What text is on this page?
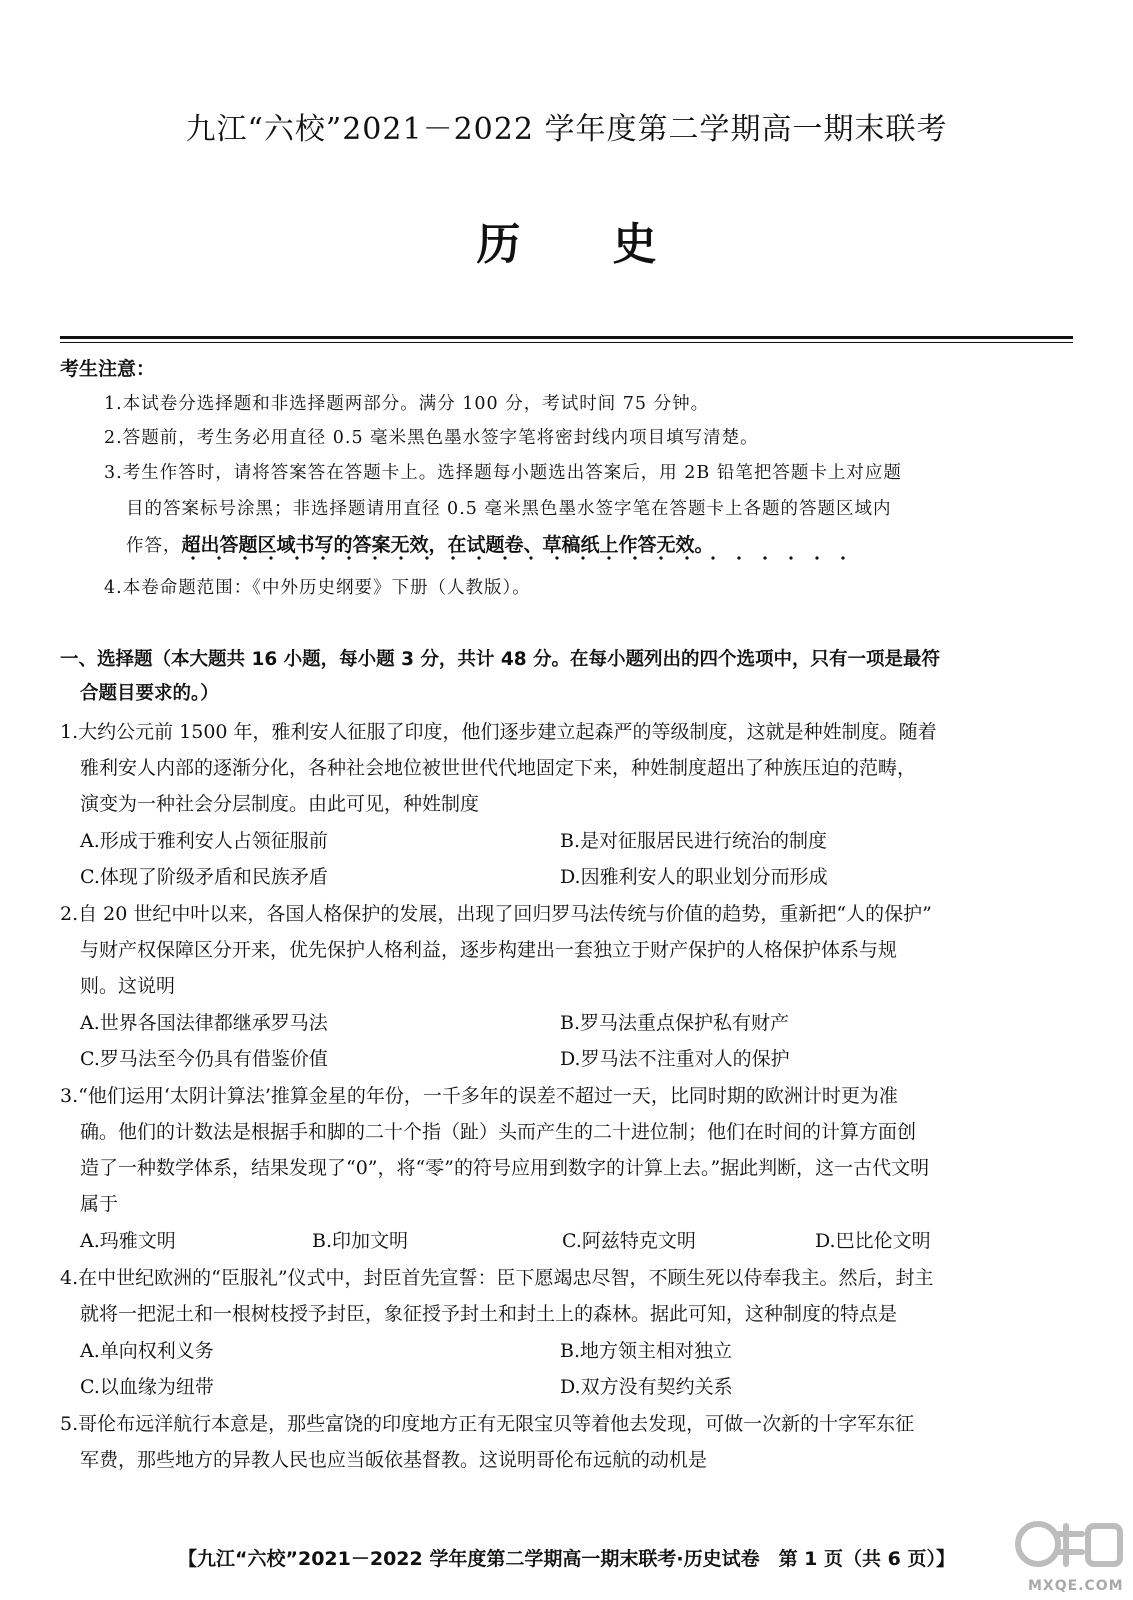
九江“六校”2021－2022 学年度第二学期高一期末联考
历 史
考生注意：
1.本试卷分选择题和非选择题两部分。满分 100 分，考试时间 75 分钟。
2.答题前，考生务必用直径 0.5 毫米黑色墨水签字笔将密封线内项目填写清楚。
3.考生作答时，请将答案答在答题卡上。选择题每小题选出答案后，用 2B 铅笔把答题卡上对应题
目的答案标号涂黑；非选择题请用直径 0.5 毫米黑色墨水签字笔在答题卡上各题的答题区域内
作答，超出答题区域书写的答案无效，在试题卷、草稿纸上作答无效。
4.本卷命题范围：《中外历史纲要》下册（人教版）。
一、选择题（本大题共 16 小题，每小题 3 分，共计 48 分。在每小题列出的四个选项中，只有一项是最符
合题目要求的。）
1.大约公元前 1500 年，雅利安人征服了印度，他们逐步建立起森严的等级制度，这就是种姓制度。随着
雅利安人内部的逐渐分化，各种社会地位被世世代代地固定下来，种姓制度超出了种族压迫的范畴，
演变为一种社会分层制度。由此可见，种姓制度
A.形成于雅利安人占领征服前	B.是对征服居民进行统治的制度
C.体现了阶级矛盾和民族矛盾	D.因雅利安人的职业划分而形成
2.自 20 世纪中叶以来，各国人格保护的发展，出现了回归罗马法传统与价值的趋势，重新把“人的保护”
与财产权保障区分开来，优先保护人格利益，逐步构建出一套独立于财产保护的人格保护体系与规
则。这说明
A.世界各国法律都继承罗马法	B.罗马法重点保护私有财产
C.罗马法至今仍具有借鉴价值	D.罗马法不注重对人的保护
3.“他们运用‘太阴计算法’推算金星的年份，一千多年的误差不超过一天，比同时期的欧洲计时更为准
确。他们的计数法是根据手和脚的二十个指（趾）头而产生的二十进位制；他们在时间的计算方面创
造了一种数学体系，结果发现了“0”，将“零”的符号应用到数字的计算上去。”据此判断，这一古代文明
属于
A.玛雅文明	B.印加文明	C.阿兹特克文明	D.巴比伦文明
4.在中世纪欧洲的“臣服礼”仪式中，封臣首先宣誓：臣下愿竭忠尽智，不顾生死以侍奉我主。然后，封主
就将一把泥土和一根树枝授予封臣，象征授予封土和封土上的森林。据此可知，这种制度的特点是
A.单向权利义务	B.地方领主相对独立
C.以血缘为纽带	D.双方没有契约关系
5.哥伦布远洋航行本意是，那些富饶的印度地方正有无限宝贝等着他去发现，可做一次新的十字军东征
军费，那些地方的异教人民也应当皈依基督教。这说明哥伦布远航的动机是
【九江“六校”2021－2022 学年度第二学期高一期末联考·历史试卷　第 1 页（共 6 页）】
MXQE.COM
